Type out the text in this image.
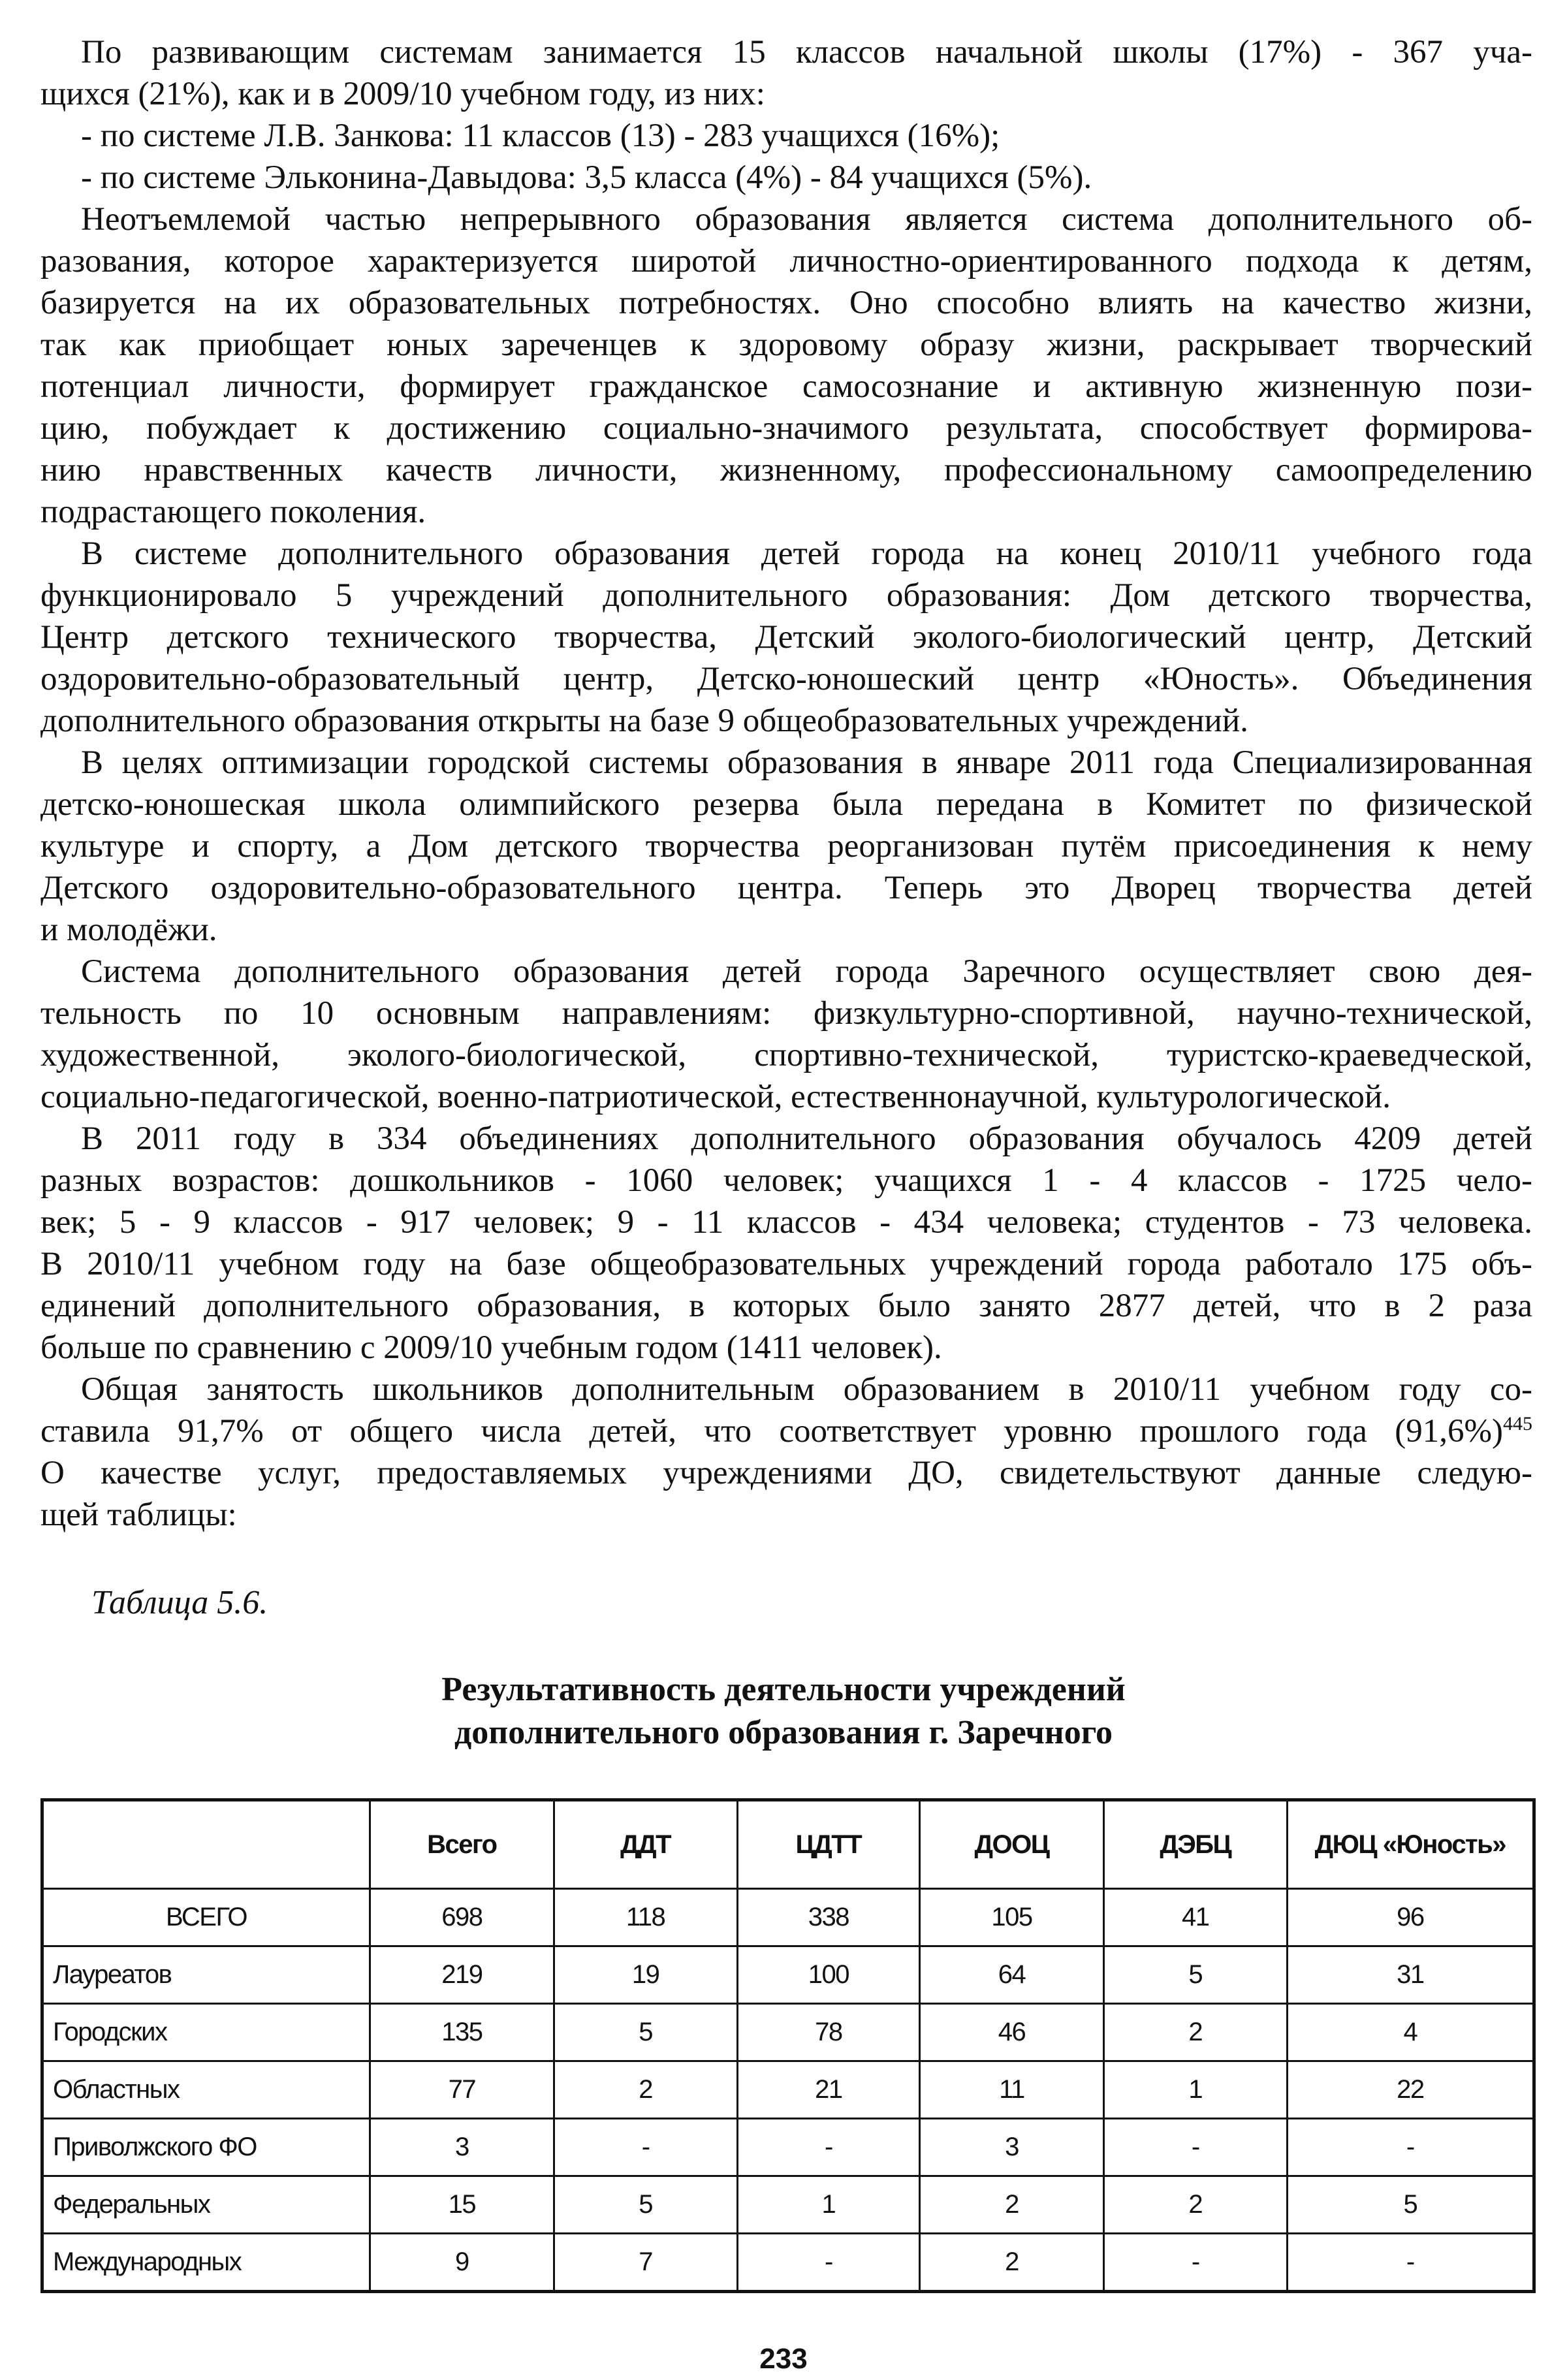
По развивающим системам занимается 15 классов начальной школы (17%) - 367 уча-
щихся (21%), как и в 2009/10 учебном году, из них:
- по системе Л.В. Занкова: 11 классов (13) - 283 учащихся (16%);
- по системе Эльконина-Давыдова: 3,5 класса (4%) - 84 учащихся (5%).
Неотъемлемой частью непрерывного образования является система дополнительного об-
разования, которое характеризуется широтой личностно-ориентированного подхода к детям,
базируется на их образовательных потребностях. Оно способно влиять на качество жизни,
так как приобщает юных зареченцев к здоровому образу жизни, раскрывает творческий
потенциал личности, формирует гражданское самосознание и активную жизненную пози-
цию, побуждает к достижению социально-значимого результата, способствует формирова-
нию нравственных качеств личности, жизненному, профессиональному самоопределению
подрастающего поколения.
В системе дополнительного образования детей города на конец 2010/11 учебного года
функционировало 5 учреждений дополнительного образования: Дом детского творчества,
Центр детского технического творчества, Детский эколого-биологический центр, Детский
оздоровительно-образовательный центр, Детско-юношеский центр «Юность». Объединения
дополнительного образования открыты на базе 9 общеобразовательных учреждений.
В целях оптимизации городской системы образования в январе 2011 года Специализированная
детско-юношеская школа олимпийского резерва была передана в Комитет по физической
культуре и спорту, а Дом детского творчества реорганизован путём присоединения к нему
Детского оздоровительно-образовательного центра. Теперь это Дворец творчества детей
и молодёжи.
Система дополнительного образования детей города Заречного осуществляет свою дея-
тельность по 10 основным направлениям: физкультурно-спортивной, научно-технической,
художественной, эколого-биологической, спортивно-технической, туристско-краеведческой,
социально-педагогической, военно-патриотической, естественнонаучной, культурологической.
В 2011 году в 334 объединениях дополнительного образования обучалось 4209 детей
разных возрастов: дошкольников - 1060 человек; учащихся 1 - 4 классов - 1725 чело-
век; 5 - 9 классов - 917 человек; 9 - 11 классов - 434 человека; студентов - 73 человека.
В 2010/11 учебном году на базе общеобразовательных учреждений города работало 175 объ-
единений дополнительного образования, в которых было занято 2877 детей, что в 2 раза
больше по сравнению с 2009/10 учебным годом (1411 человек).
Общая занятость школьников дополнительным образованием в 2010/11 учебном году со-
ставила 91,7% от общего числа детей, что соответствует уровню прошлого года $(91,6\%)^{445}$
О качестве услуг, предоставляемых учреждениями ДО, свидетельствуют данные следую-
щей таблицы:
Таблица 5.6.
Результативность деятельности учреждений
дополнительного образования г. Заречного
	Всего	ДДТ	ЦДТТ	ДООЦ	ДЭБЦ	ДЮЦ «Юность»
ВСЕГО	698	118	338	105	41	96
Лауреатов	219	19	100	64	5	31
Городских	135	5	78	46	2	4
Областных	77	2	21	11	1	22
Приволжского ФО	3	-	-	3	-	-
Федеральных	15	5	1	2	2	5
Международных	9	7	-	2	-	-
233
